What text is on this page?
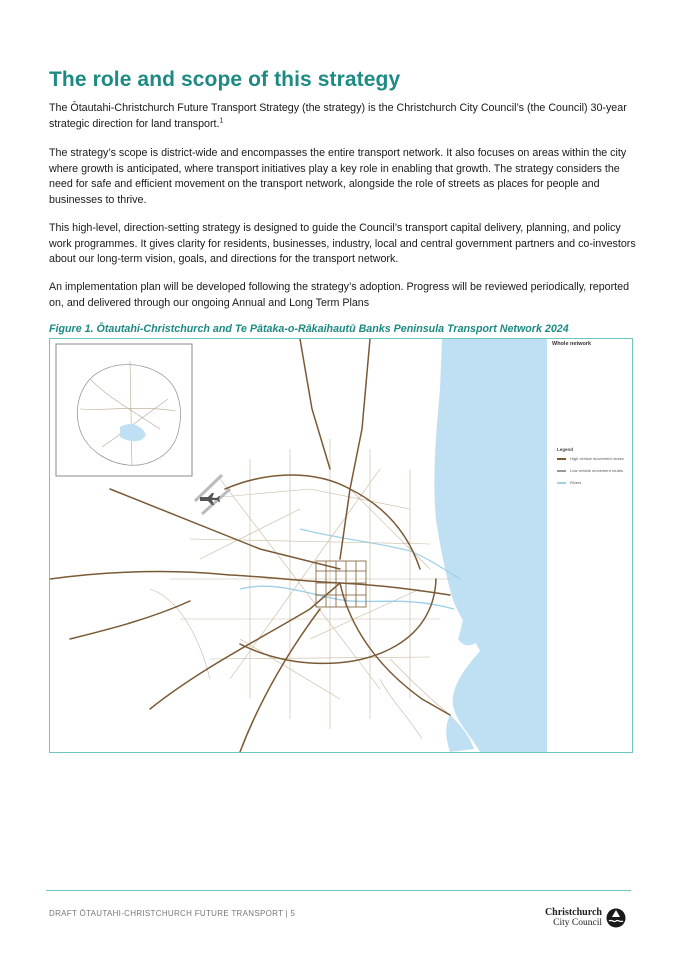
The role and scope of this strategy

The Ōtautahi-Christchurch Future Transport Strategy (the strategy) is the Christchurch City Council’s (the Council) 30-year strategic direction for land transport.$^1$

The strategy’s scope is district-wide and encompasses the entire transport network. It also focuses on areas within the city where growth is anticipated, where transport initiatives play a key role in enabling that growth. The strategy considers the need for safe and efficient movement on the transport network, alongside the role of streets as places for people and businesses to thrive.

This high-level, direction-setting strategy is designed to guide the Council’s transport capital delivery, planning, and policy work programmes. It gives clarity for residents, businesses, industry, local and central government partners and co-investors about our long-term vision, goals, and directions for the transport network.

An implementation plan will be developed following the strategy’s adoption. Progress will be reviewed periodically, reported on, and delivered through our ongoing Annual and Long Term Plans

Figure 1. Ōtautahi-Christchurch and Te Pātaka-o-Rākaihautū Banks Peninsula Transport Network 2024

Whole network
Legend
High vehicle movement routes
Low vehicle movement routes
Rivers
DRAFT ŌTAUTAHI-CHRISTCHURCH FUTURE TRANSPORT | 5	Christchurch
City Council
